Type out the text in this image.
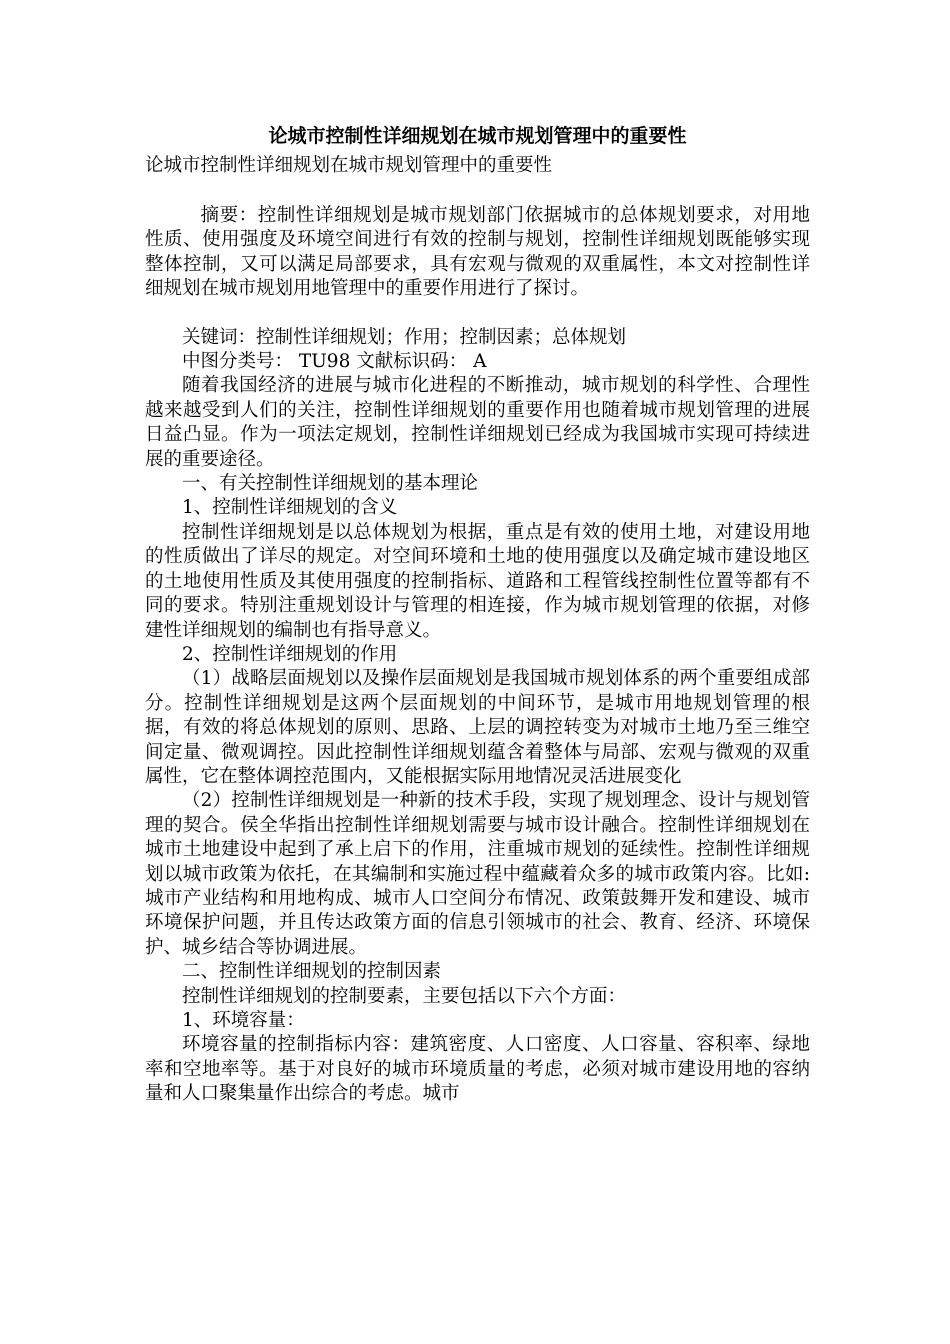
论城市控制性详细规划在城市规划管理中的重要性

论城市控制性详细规划在城市规划管理中的重要性

摘要：控制性详细规划是城市规划部门依据城市的总体规划要求，对用地性质、使用强度及环境空间进行有效的控制与规划，控制性详细规划既能够实现整体控制，又可以满足局部要求，具有宏观与微观的双重属性，本文对控制性详细规划在城市规划用地管理中的重要作用进行了探讨。

关键词：控制性详细规划；作用；控制因素；总体规划

中图分类号： TU98 文献标识码： A

随着我国经济的进展与城市化进程的不断推动，城市规划的科学性、合理性越来越受到人们的关注，控制性详细规划的重要作用也随着城市规划管理的进展日益凸显。作为一项法定规划，控制性详细规划已经成为我国城市实现可持续进展的重要途径。

一、有关控制性详细规划的基本理论

1、控制性详细规划的含义

控制性详细规划是以总体规划为根据，重点是有效的使用土地，对建设用地的性质做出了详尽的规定。对空间环境和土地的使用强度以及确定城市建设地区的土地使用性质及其使用强度的控制指标、道路和工程管线控制性位置等都有不同的要求。特别注重规划设计与管理的相连接，作为城市规划管理的依据，对修建性详细规划的编制也有指导意义。

2、控制性详细规划的作用

（1）战略层面规划以及操作层面规划是我国城市规划体系的两个重要组成部分。控制性详细规划是这两个层面规划的中间环节，是城市用地规划管理的根据，有效的将总体规划的原则、思路、上层的调控转变为对城市土地乃至三维空间定量、微观调控。因此控制性详细规划蕴含着整体与局部、宏观与微观的双重属性，它在整体调控范围内，又能根据实际用地情况灵活进展变化

（2）控制性详细规划是一种新的技术手段，实现了规划理念、设计与规划管理的契合。侯全华指出控制性详细规划需要与城市设计融合。控制性详细规划在城市土地建设中起到了承上启下的作用，注重城市规划的延续性。控制性详细规划以城市政策为依托，在其编制和实施过程中蕴藏着众多的城市政策内容。比如:城市产业结构和用地构成、城市人口空间分布情况、政策鼓舞开发和建设、城市环境保护问题，并且传达政策方面的信息引领城市的社会、教育、经济、环境保护、城乡结合等协调进展。

二、控制性详细规划的控制因素

控制性详细规划的控制要素，主要包括以下六个方面：

1、环境容量：

环境容量的控制指标内容：建筑密度、人口密度、人口容量、容积率、绿地率和空地率等。基于对良好的城市环境质量的考虑，必须对城市建设用地的容纳量和人口聚集量作出综合的考虑。城市
